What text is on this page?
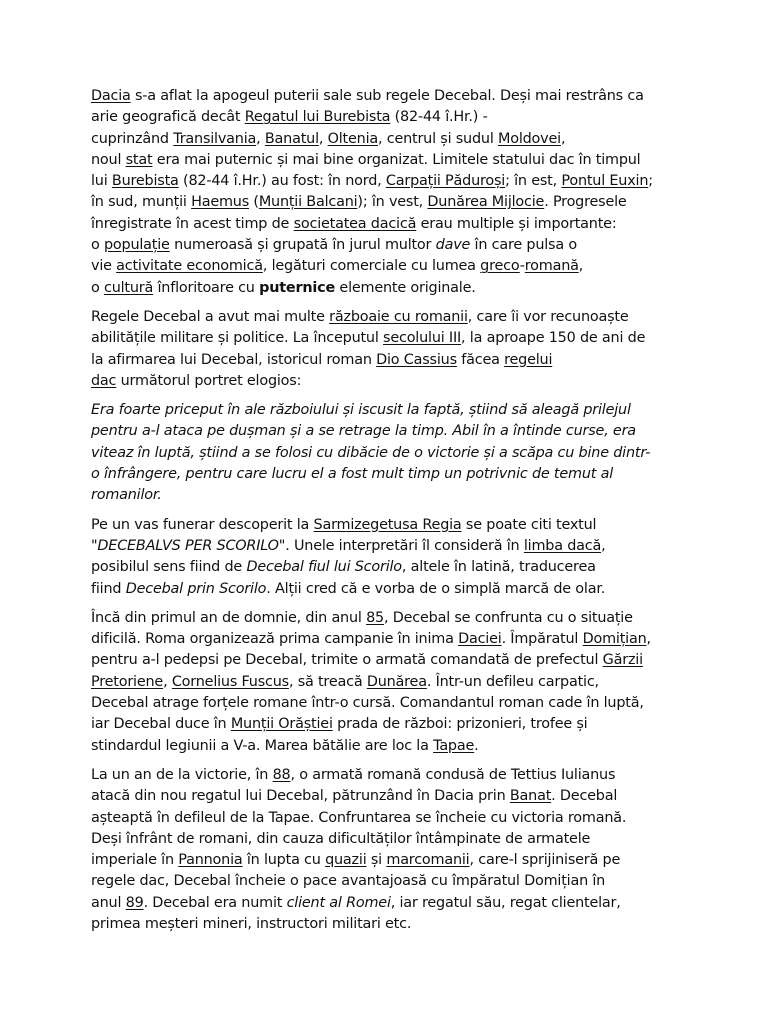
Dacia s-a aflat la apogeul puterii sale sub regele Decebal. Deși mai restrâns ca
arie geografică decât Regatul lui Burebista (82-44 î.Hr.) -
cuprinzând Transilvania, Banatul, Oltenia, centrul și sudul Moldovei,
noul stat era mai puternic și mai bine organizat. Limitele statului dac în timpul
lui Burebista (82-44 î.Hr.) au fost: în nord, Carpații Păduroși; în est, Pontul Euxin;
în sud, munții Haemus (Munții Balcani); în vest, Dunărea Mijlocie. Progresele
înregistrate în acest timp de societatea dacică erau multiple și importante:
o populație numeroasă și grupată în jurul multor dave în care pulsa o
vie activitate economică, legături comerciale cu lumea greco-romană,
o cultură înfloritoare cu puternice elemente originale.

Regele Decebal a avut mai multe războaie cu romanii, care îi vor recunoaște
abilitățile militare și politice. La începutul secolului III, la aproape 150 de ani de
la afirmarea lui Decebal, istoricul roman Dio Cassius făcea regelui
dac următorul portret elogios:

Era foarte priceput în ale războiului și iscusit la faptă, știind să aleagă prilejul
pentru a-l ataca pe dușman și a se retrage la timp. Abil în a întinde curse, era
viteaz în luptă, știind a se folosi cu dibăcie de o victorie și a scăpa cu bine dintr-
o înfrângere, pentru care lucru el a fost mult timp un potrivnic de temut al
romanilor.

Pe un vas funerar descoperit la Sarmizegetusa Regia se poate citi textul
"DECEBALVS PER SCORILO". Unele interpretări îl consideră în limba dacă,
posibilul sens fiind de Decebal fiul lui Scorilo, altele în latină, traducerea
fiind Decebal prin Scorilo. Alții cred că e vorba de o simplă marcă de olar.

Încă din primul an de domnie, din anul 85, Decebal se confrunta cu o situație
dificilă. Roma organizează prima campanie în inima Daciei. Împăratul Domițian,
pentru a-l pedepsi pe Decebal, trimite o armată comandată de prefectul Gărzii
Pretoriene, Cornelius Fuscus, să treacă Dunărea. Într-un defileu carpatic,
Decebal atrage forțele romane într-o cursă. Comandantul roman cade în luptă,
iar Decebal duce în Munții Orăștiei prada de război: prizonieri, trofee și
stindardul legiunii a V-a. Marea bătălie are loc la Tapae.

La un an de la victorie, în 88, o armată romană condusă de Tettius Iulianus
atacă din nou regatul lui Decebal, pătrunzând în Dacia prin Banat. Decebal
așteaptă în defileul de la Tapae. Confruntarea se încheie cu victoria romană.
Deși înfrânt de romani, din cauza dificultăților întâmpinate de armatele
imperiale în Pannonia în lupta cu quazii și marcomanii, care-l sprijiniseră pe
regele dac, Decebal încheie o pace avantajoasă cu împăratul Domițian în
anul 89. Decebal era numit client al Romei, iar regatul său, regat clientelar,
primea meșteri mineri, instructori militari etc.
